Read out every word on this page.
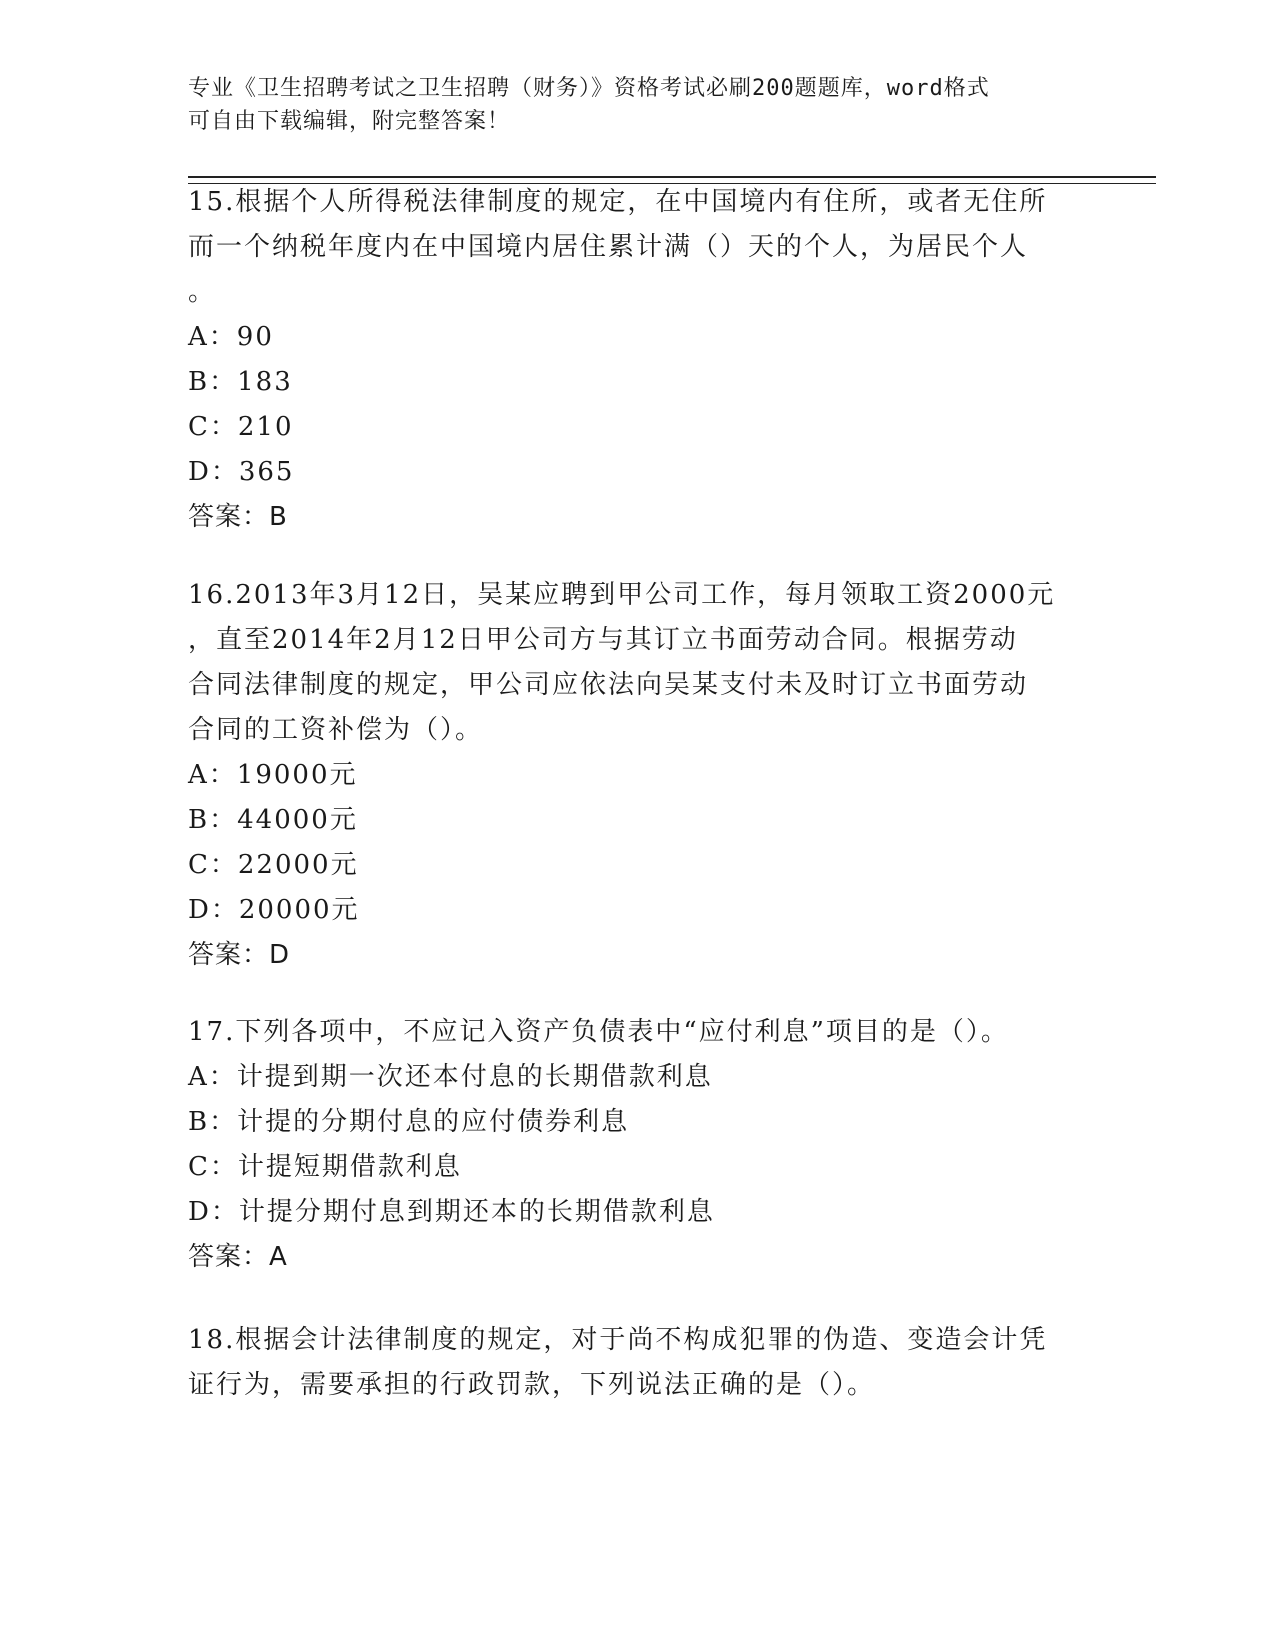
专业《卫生招聘考试之卫生招聘（财务）》资格考试必刷200题题库，word格式
可自由下载编辑，附完整答案！

15.根据个人所得税法律制度的规定，在中国境内有住所，或者无住所
而一个纳税年度内在中国境内居住累计满（）天的个人，为居民个人
。

A：90

B：183

C：210

D：365

答案：B

16.2013年3月12日，吴某应聘到甲公司工作，每月领取工资2000元
，直至2014年2月12日甲公司方与其订立书面劳动合同。根据劳动
合同法律制度的规定，甲公司应依法向吴某支付未及时订立书面劳动
合同的工资补偿为（）。

A：19000元

B：44000元

C：22000元

D：20000元

答案：D

17.下列各项中，不应记入资产负债表中“应付利息”项目的是（）。

A：计提到期一次还本付息的长期借款利息

B：计提的分期付息的应付债券利息

C：计提短期借款利息

D：计提分期付息到期还本的长期借款利息

答案：A

18.根据会计法律制度的规定，对于尚不构成犯罪的伪造、变造会计凭
证行为，需要承担的行政罚款，下列说法正确的是（）。
